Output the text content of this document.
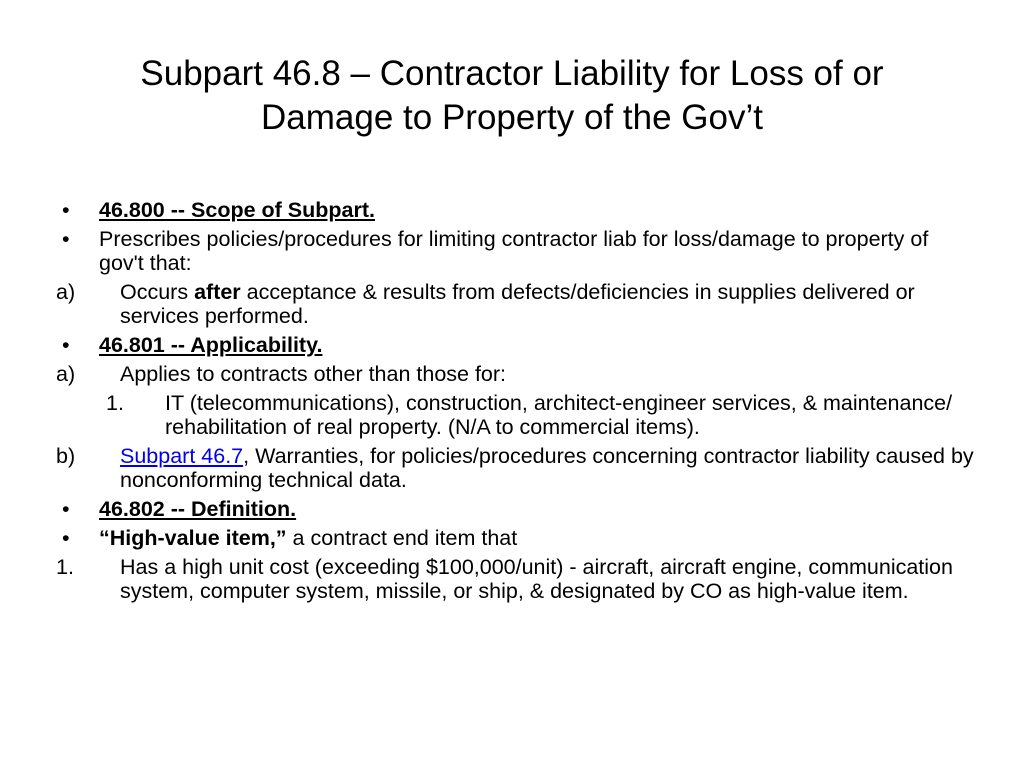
Subpart 46.8 – Contractor Liability for Loss of or
Damage to Property of the Gov’t
• 46.800 -- Scope of Subpart.
• Prescribes policies/procedures for limiting contractor liab for loss/damage to property of gov't that:
a) Occurs after acceptance & results from defects/deficiencies in supplies delivered or services performed.
• 46.801 -- Applicability.
a) Applies to contracts other than those for:
1. IT (telecommunications), construction, architect-engineer services, & maintenance/ rehabilitation of real property. (N/A to commercial items).
b) Subpart 46.7, Warranties, for policies/procedures concerning contractor liability caused by nonconforming technical data.
• 46.802 -- Definition.
• “High-value item,” a contract end item that
1. Has a high unit cost (exceeding $100,000/unit) - aircraft, aircraft engine, communication system, computer system, missile, or ship, & designated by CO as high-value item.
